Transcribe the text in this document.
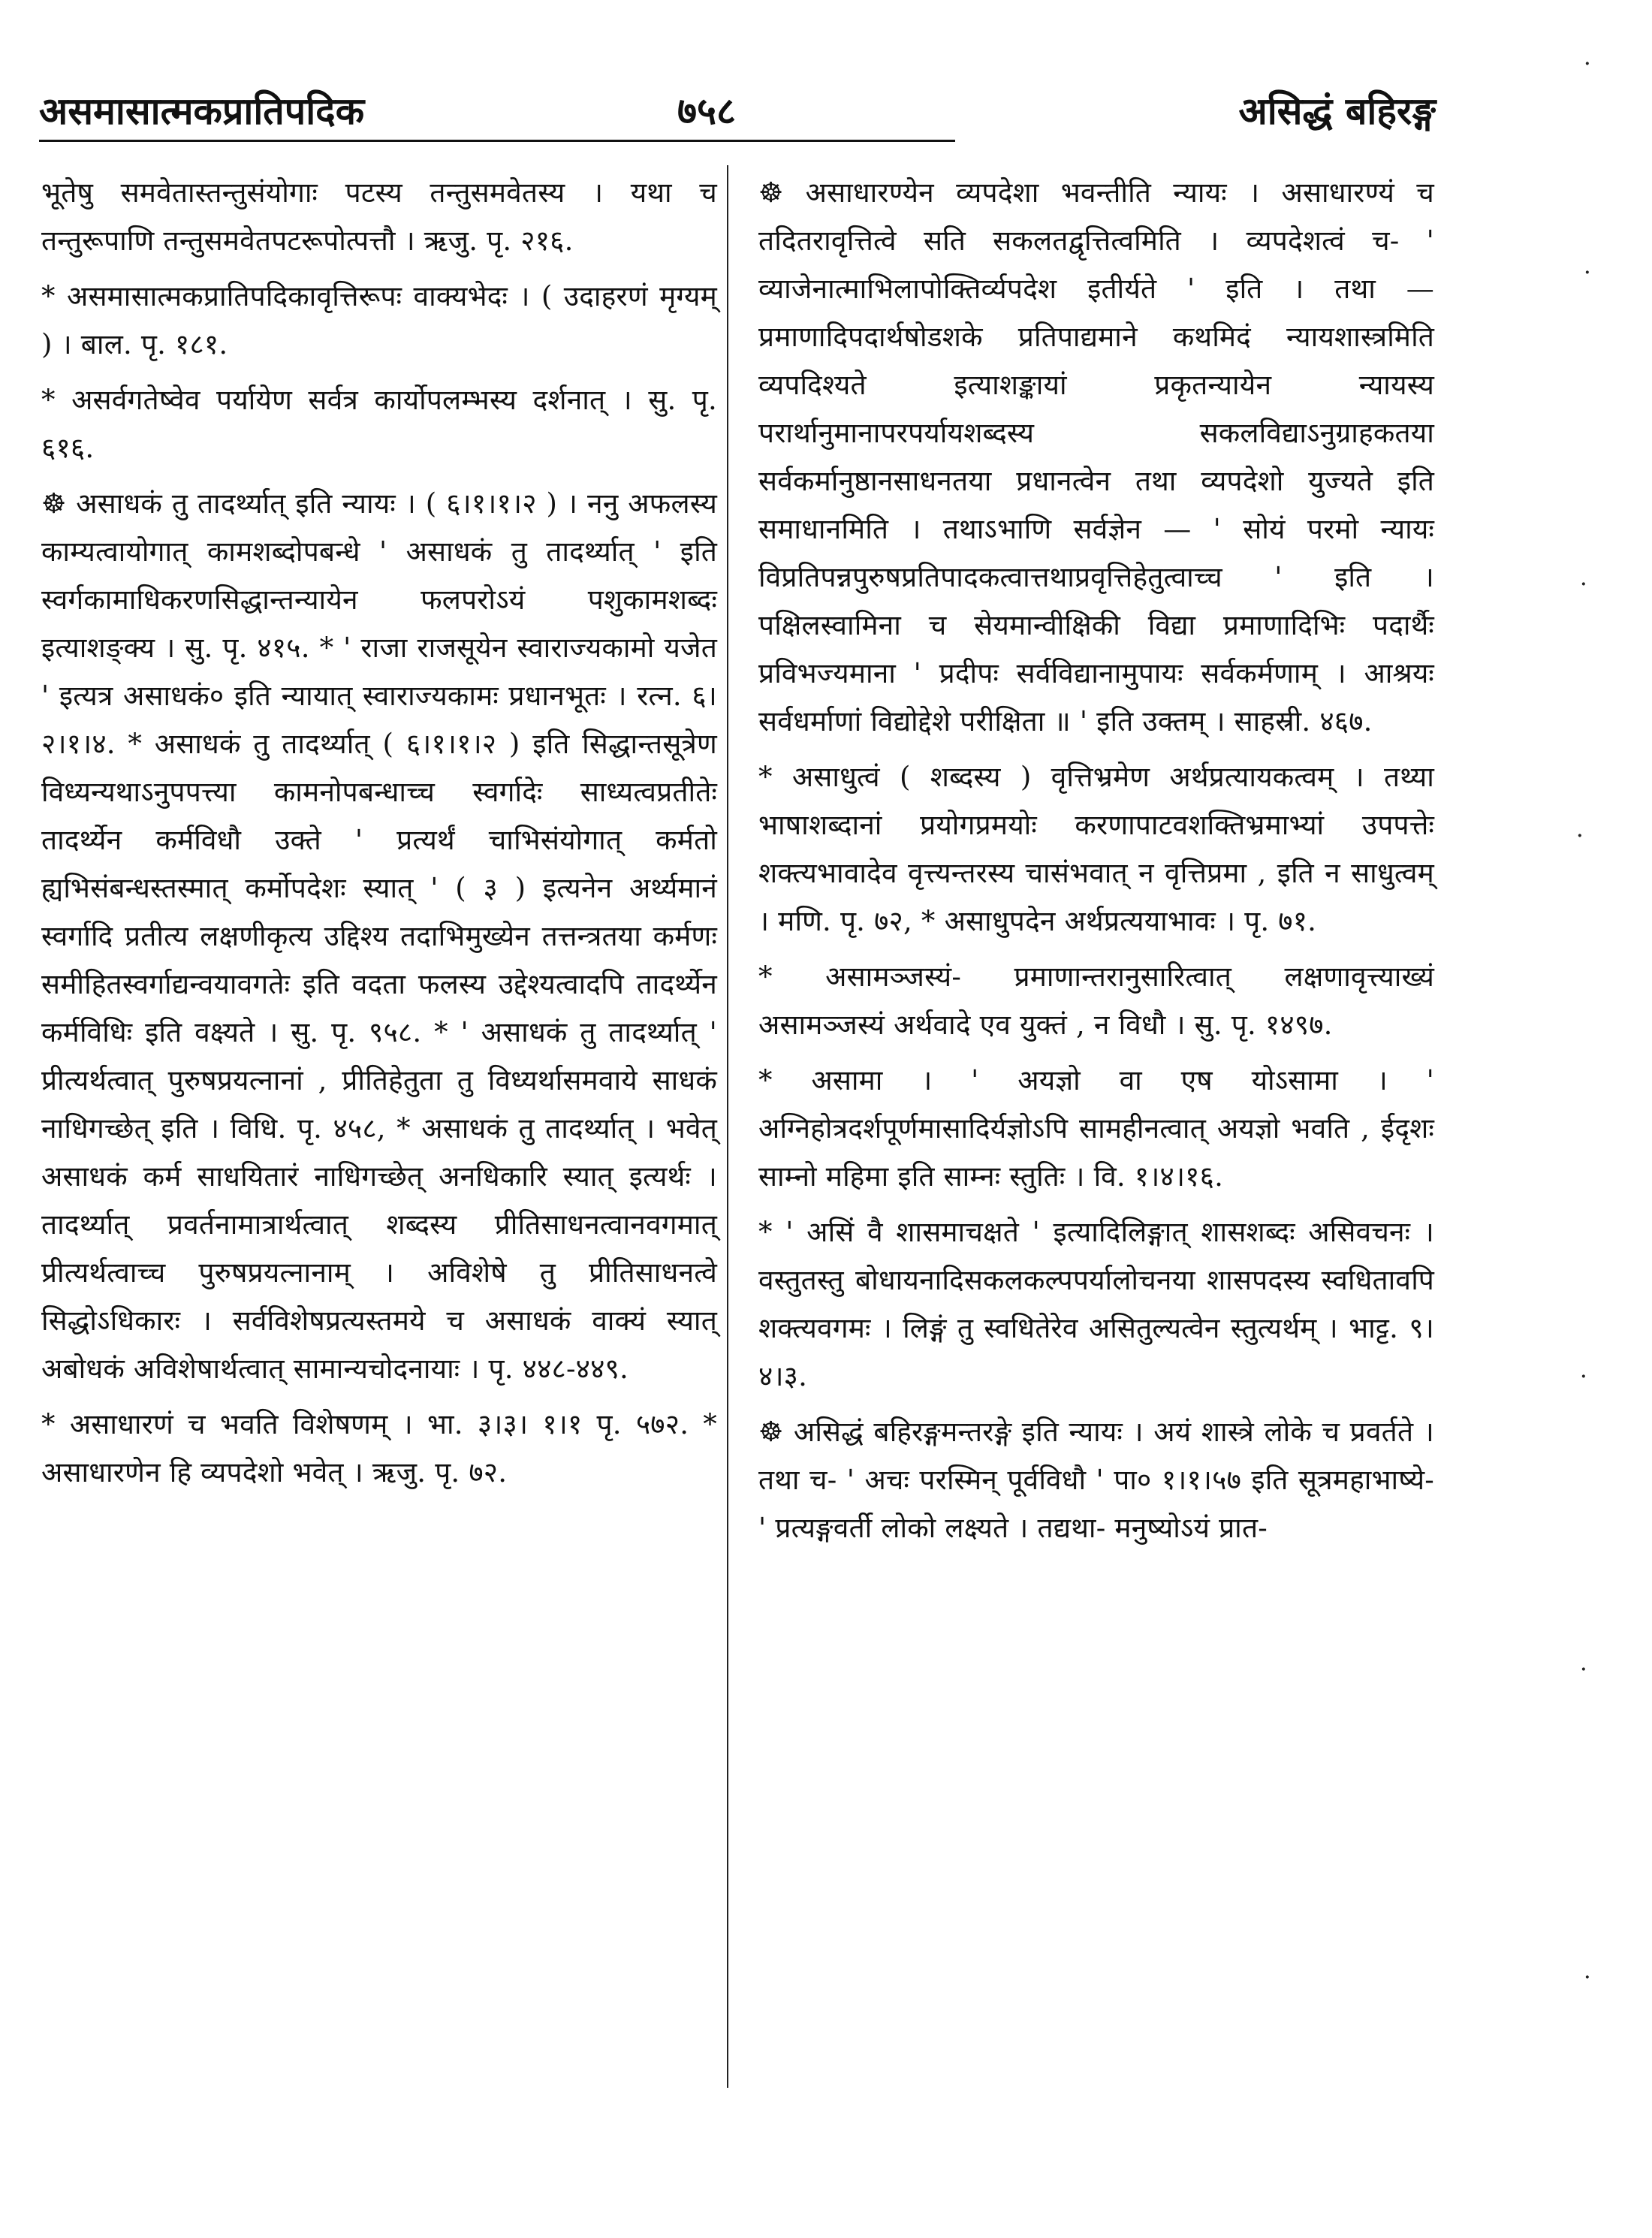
असमासात्मकप्रातिपदिक	७५८	असिद्धं बहिरङ्ग

भूतेषु समवेतास्तन्तुसंयोगाः पटस्य तन्तुसमवेतस्य । यथा च तन्तुरूपाणि तन्तुसमवेतपटरूपोत्पत्तौ । ऋजु. पृ. २१६.

* असमासात्मकप्रातिपदिकावृत्तिरूपः वाक्यभेदः । ( उदाहरणं मृग्यम् ) । बाल. पृ. १८१.

* असर्वगतेष्वेव पर्यायेण सर्वत्र कार्योपलम्भस्य दर्शनात् । सु. पृ. ६१६.

☸ असाधकं तु तादर्थ्यात् इति न्यायः । ( ६।१।१।२ ) । ननु अफलस्य काम्यत्वायोगात् कामशब्दोपबन्धे ' असाधकं तु तादर्थ्यात् ' इति स्वर्गकामाधिकरणसिद्धान्तन्यायेन फलपरोऽयं पशुकामशब्दः इत्याशङ्क्य । सु. पृ. ४१५. * ' राजा राजसूयेन स्वाराज्यकामो यजेत ' इत्यत्र असाधकं० इति न्यायात् स्वाराज्यकामः प्रधानभूतः । रत्न. ६।२।१।४. * असाधकं तु तादर्थ्यात् ( ६।१।१।२ ) इति सिद्धान्तसूत्रेण विध्यन्यथाऽनुपपत्त्या कामनोपबन्धाच्च स्वर्गादेः साध्यत्वप्रतीतेः तादर्थ्येन कर्मविधौ उक्ते ' प्रत्यर्थं चाभिसंयोगात् कर्मतो ह्यभिसंबन्धस्तस्मात् कर्मोपदेशः स्यात् ' ( ३ ) इत्यनेन अर्थ्यमानं स्वर्गादि प्रतीत्य लक्षणीकृत्य उद्दिश्य तदाभिमुख्येन तत्तन्त्रतया कर्मणः समीहितस्वर्गाद्यन्वयावगतेः इति वदता फलस्य उद्देश्यत्वादपि तादर्थ्येन कर्मविधिः इति वक्ष्यते । सु. पृ. ९५८. * ' असाधकं तु तादर्थ्यात् ' प्रीत्यर्थत्वात् पुरुषप्रयत्नानां , प्रीतिहेतुता तु विध्यर्थासमवाये साधकं नाधिगच्छेत् इति । विधि. पृ. ४५८, * असाधकं तु तादर्थ्यात् । भवेत् असाधकं कर्म साधयितारं नाधिगच्छेत् अनधिकारि स्यात् इत्यर्थः । तादर्थ्यात् प्रवर्तनामात्रार्थत्वात् शब्दस्य प्रीतिसाधनत्वानवगमात् प्रीत्यर्थत्वाच्च पुरुषप्रयत्नानाम् । अविशेषे तु प्रीतिसाधनत्वे सिद्धोऽधिकारः । सर्वविशेषप्रत्यस्तमये च असाधकं वाक्यं स्यात् अबोधकं अविशेषार्थत्वात् सामान्यचोदनायाः । पृ. ४४८-४४९.

* असाधारणं च भवति विशेषणम् । भा. ३।३। १।१ पृ. ५७२. * असाधारणेन हि व्यपदेशो भवेत् । ऋजु. पृ. ७२.

☸ असाधारण्येन व्यपदेशा भवन्तीति न्यायः । असाधारण्यं च तदितरावृत्तित्वे सति सकलतद्वृत्तित्वमिति । व्यपदेशत्वं च- ' व्याजेनात्माभिलापोक्तिर्व्यपदेश इतीर्यते ' इति । तथा — प्रमाणादिपदार्थषोडशके प्रतिपाद्यमाने कथमिदं न्यायशास्त्रमिति व्यपदिश्यते इत्याशङ्कायां प्रकृतन्यायेन न्यायस्य परार्थानुमानापरपर्यायशब्दस्य सकलविद्याऽनुग्राहकतया सर्वकर्मानुष्ठानसाधनतया प्रधानत्वेन तथा व्यपदेशो युज्यते इति समाधानमिति । तथाऽभाणि सर्वज्ञेन — ' सोयं परमो न्यायः विप्रतिपन्नपुरुषप्रतिपादकत्वात्तथाप्रवृत्तिहेतुत्वाच्च ' इति । पक्षिलस्वामिना च सेयमान्वीक्षिकी विद्या प्रमाणादिभिः पदार्थैः प्रविभज्यमाना ' प्रदीपः सर्वविद्यानामुपायः सर्वकर्मणाम् । आश्रयः सर्वधर्माणां विद्योद्देशे परीक्षिता ॥ ' इति उक्तम् । साहस्री. ४६७.

* असाधुत्वं ( शब्दस्य ) वृत्तिभ्रमेण अर्थप्रत्यायकत्वम् । तथ्या भाषाशब्दानां प्रयोगप्रमयोः करणापाटवशक्तिभ्रमाभ्यां उपपत्तेः शक्त्यभावादेव वृत्त्यन्तरस्य चासंभवात् न वृत्तिप्रमा , इति न साधुत्वम् । मणि. पृ. ७२, * असाधुपदेन अर्थप्रत्ययाभावः । पृ. ७१.

* असामञ्जस्यं- प्रमाणान्तरानुसारित्वात् लक्षणावृत्त्याख्यं असामञ्जस्यं अर्थवादे एव युक्तं , न विधौ । सु. पृ. १४९७.

* असामा । ' अयज्ञो वा एष योऽसामा । ' अग्निहोत्रदर्शपूर्णमासादिर्यज्ञोऽपि सामहीनत्वात् अयज्ञो भवति , ईदृशः साम्नो महिमा इति साम्नः स्तुतिः । वि. १।४।१६.

* ' असिं वै शासमाचक्षते ' इत्यादिलिङ्गात् शासशब्दः असिवचनः । वस्तुतस्तु बोधायनादिसकलकल्पपर्यालोचनया शासपदस्य स्वधितावपि शक्त्यवगमः । लिङ्गं तु स्वधितेरेव असितुल्यत्वेन स्तुत्यर्थम् । भाट्ट. ९।४।३.

☸ असिद्धं बहिरङ्गमन्तरङ्गे इति न्यायः । अयं शास्त्रे लोके च प्रवर्तते । तथा च- ' अचः परस्मिन् पूर्वविधौ ' पा० १।१।५७ इति सूत्रमहाभाष्ये- ' प्रत्यङ्गवर्ती लोको लक्ष्यते । तद्यथा- मनुष्योऽयं प्रात-

·
·
·
·
·
·
·
